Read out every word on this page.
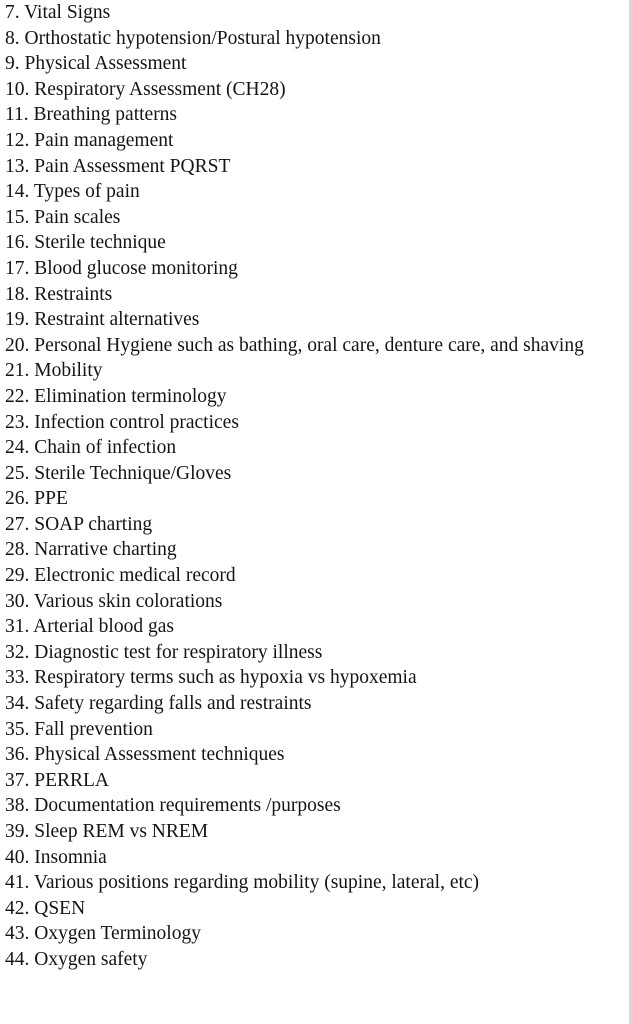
7. Vital Signs
8. Orthostatic hypotension/Postural hypotension
9. Physical Assessment
10. Respiratory Assessment (CH28)
11. Breathing patterns
12. Pain management
13. Pain Assessment PQRST
14. Types of pain
15. Pain scales
16. Sterile technique
17. Blood glucose monitoring
18. Restraints
19. Restraint alternatives
20. Personal Hygiene such as bathing, oral care, denture care, and shaving
21. Mobility
22. Elimination terminology
23. Infection control practices
24. Chain of infection
25. Sterile Technique/Gloves
26. PPE
27. SOAP charting
28. Narrative charting
29. Electronic medical record
30. Various skin colorations
31. Arterial blood gas
32. Diagnostic test for respiratory illness
33. Respiratory terms such as hypoxia vs hypoxemia
34. Safety regarding falls and restraints
35. Fall prevention
36. Physical Assessment techniques
37. PERRLA
38. Documentation requirements /purposes
39. Sleep REM vs NREM
40. Insomnia
41. Various positions regarding mobility (supine, lateral, etc)
42. QSEN
43. Oxygen Terminology
44. Oxygen safety
